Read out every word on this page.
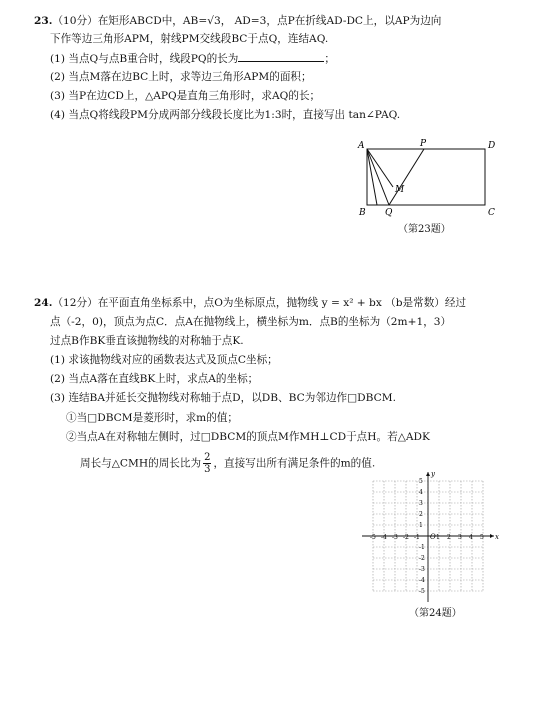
23.（10分）在矩形ABCD中，AB=√3， AD=3，点P在折线AD-DC上，以AP为边向
下作等边三角形APM，射线PM交线段BC于点Q，连结AQ.
(1) 当点Q与点B重合时，线段PQ的长为	；
(2) 当点M落在边BC上时，求等边三角形APM的面积；
(3) 当P在边CD上，△APQ是直角三角形时，求AQ的长；
(4) 当点Q将线段PM分成两部分线段长度比为1:3时，直接写出 tan∠PAQ.
A	P	D
M
B Q	C
（第23题）
24.（12分）在平面直角坐标系中，点O为坐标原点，抛物线 y = x² + bx （b是常数）经过
点（-2，0)，顶点为点C．点A在抛物线上，横坐标为m．点B的坐标为（2m+1，3）
过点B作BK垂直该抛物线的对称轴于点K.
(1) 求该抛物线对应的函数表达式及顶点C坐标；
(2) 当点A落在直线BK上时，求点A的坐标；
(3) 连结BA并延长交抛物线对称轴于点D，以DB、BC为邻边作□DBCM.
①当□DBCM是菱形时，求m的值；
②当点A在对称轴左侧时，过□DBCM的顶点M作MH⊥CD于点H。若△ADK
周长与△CMH的周长比为 $\frac{2}{3}$ ，直接写出所有满足条件的m的值.
-5 -4 -3 -2 -1	1 2 3 4 5
5
4
3
2
1
-1
-2
-3
-4
-5
O	x
y
（第24题）
